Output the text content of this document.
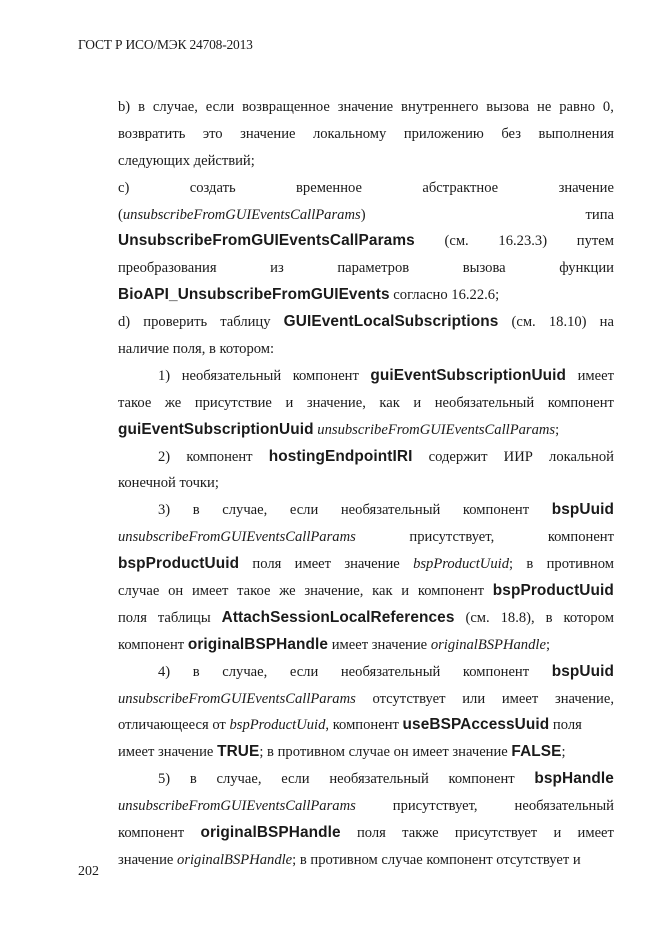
ГОСТ Р ИСО/МЭК 24708-2013
b) в случае, если возвращенное значение внутреннего вызова не равно 0,
возвратить это значение локальному приложению без выполнения
следующих действий;
c)	создать	временное	абстрактное	значение
(unsubscribeFromGUIEventsCallParams)	типа
UnsubscribeFromGUIEventsCallParams (см. 16.23.3) путем
преобразования	из	параметров	вызова	функции
BioAPI_UnsubscribeFromGUIEvents согласно 16.22.6;
d) проверить таблицу GUIEventLocalSubscriptions (см. 18.10) на
наличие поля, в котором:
1) необязательный компонент guiEventSubscriptionUuid имеет
такое же присутствие и значение, как и необязательный компонент
guiEventSubscriptionUuid unsubscribeFromGUIEventsCallParams;
2) компонент hostingEndpointIRI содержит ИИР локальной
конечной точки;
3) в случае, если необязательный компонент bspUuid
unsubscribeFromGUIEventsCallParams	присутствует,	компонент
bspProductUuid поля имеет значение bspProductUuid; в противном
случае он имеет такое же значение, как и компонент bspProductUuid
поля таблицы AttachSessionLocalReferences (см. 18.8), в котором
компонент originalBSPHandle имеет значение originalBSPHandle;
4) в случае, если необязательный компонент bspUuid
unsubscribeFromGUIEventsCallParams отсутствует или имеет значение,
отличающееся от bspProductUuid, компонент useBSPAccessUuid поля
имеет значение TRUE; в противном случае он имеет значение FALSE;
5) в случае, если необязательный компонент bspHandle
unsubscribeFromGUIEventsCallParams	присутствует,	необязательный
компонент originalBSPHandle поля также присутствует и имеет
значение originalBSPHandle; в противном случае компонент отсутствует и
202
